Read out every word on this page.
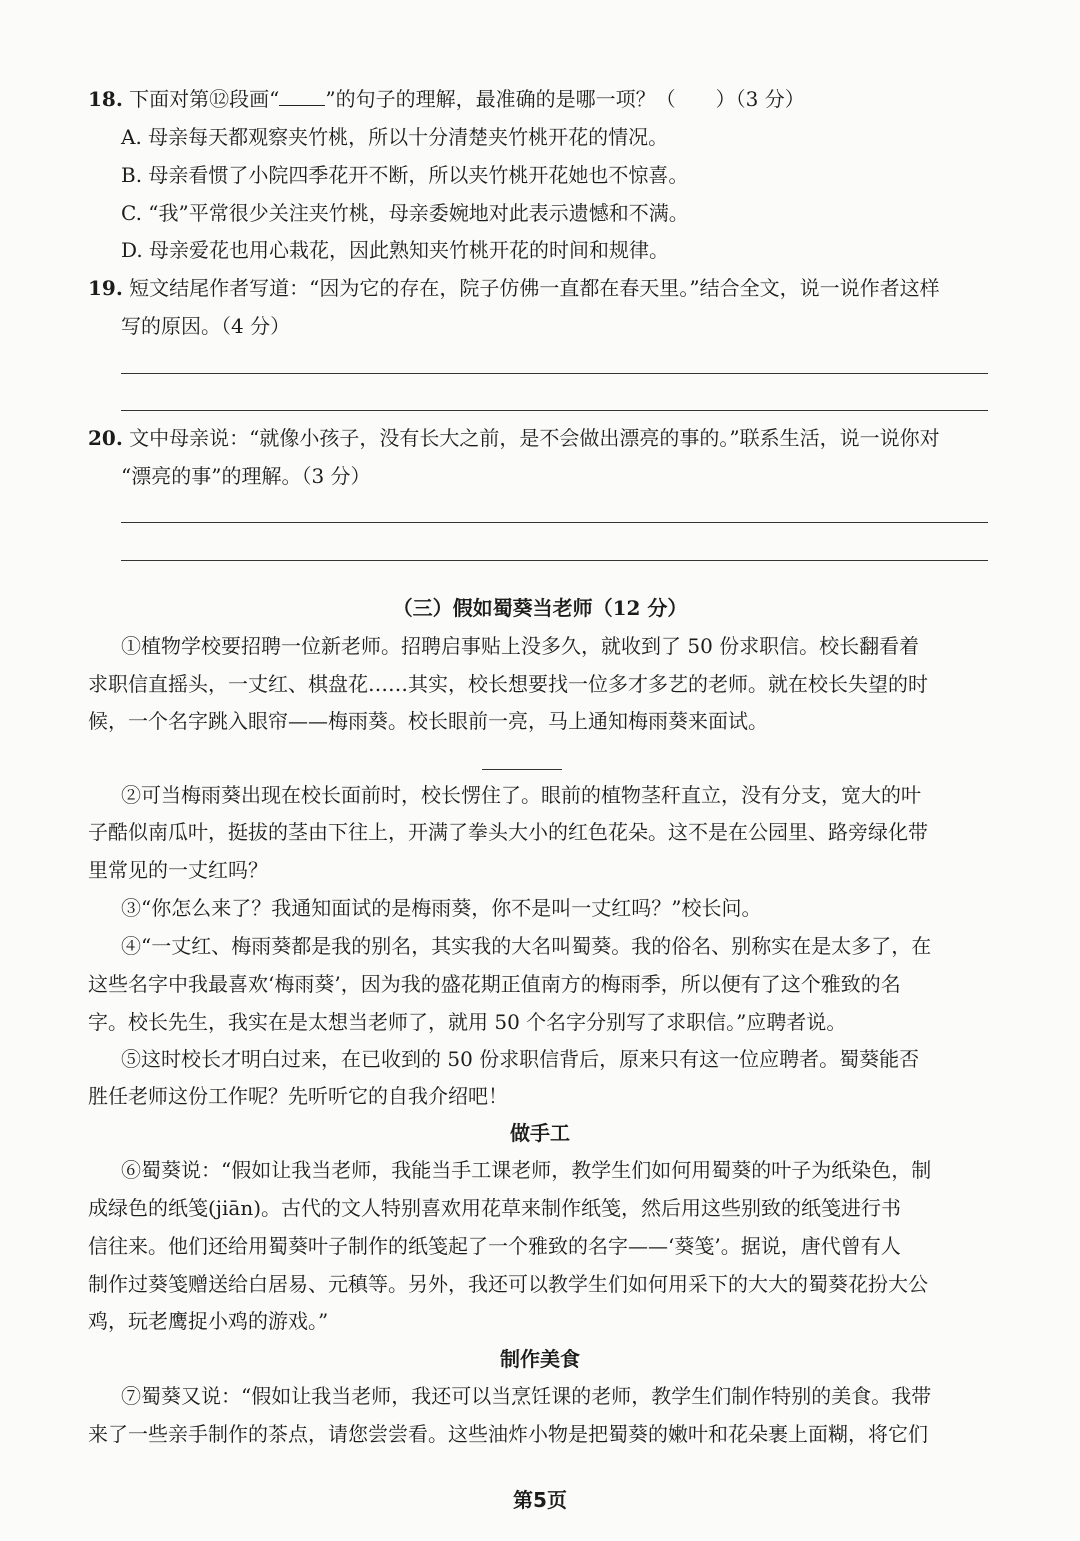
18. 下面对第⑫段画“ ”的句子的理解，最准确的是哪一项？（ ）（3 分）
A. 母亲每天都观察夹竹桃，所以十分清楚夹竹桃开花的情况。
B. 母亲看惯了小院四季花开不断，所以夹竹桃开花她也不惊喜。
C. “我”平常很少关注夹竹桃，母亲委婉地对此表示遗憾和不满。
D. 母亲爱花也用心栽花，因此熟知夹竹桃开花的时间和规律。
19. 短文结尾作者写道：“因为它的存在，院子仿佛一直都在春天里。”结合全文，说一说作者这样
写的原因。（4 分）
20. 文中母亲说：“就像小孩子，没有长大之前，是不会做出漂亮的事的。”联系生活，说一说你对
“漂亮的事”的理解。（3 分）
（三）假如蜀葵当老师（12 分）
①植物学校要招聘一位新老师。招聘启事贴上没多久，就收到了 50 份求职信。校长翻看着
求职信直摇头，一丈红、棋盘花……其实，校长想要找一位多才多艺的老师。就在校长失望的时
候，一个名字跳入眼帘——梅雨葵。校长眼前一亮，马上通知梅雨葵来面试。
②可当梅雨葵出现在校长面前时，校长愣住了。眼前的植物茎秆直立，没有分支，宽大的叶
子酷似南瓜叶，挺拔的茎由下往上，开满了拳头大小的红色花朵。这不是在公园里、路旁绿化带
里常见的一丈红吗？
③“你怎么来了？我通知面试的是梅雨葵，你不是叫一丈红吗？”校长问。
④“一丈红、梅雨葵都是我的别名，其实我的大名叫蜀葵。我的俗名、别称实在是太多了，在
这些名字中我最喜欢‘梅雨葵’，因为我的盛花期正值南方的梅雨季，所以便有了这个雅致的名
字。校长先生，我实在是太想当老师了，就用 50 个名字分别写了求职信。”应聘者说。
⑤这时校长才明白过来，在已收到的 50 份求职信背后，原来只有这一位应聘者。蜀葵能否
胜任老师这份工作呢？先听听它的自我介绍吧！
做手工
⑥蜀葵说：“假如让我当老师，我能当手工课老师，教学生们如何用蜀葵的叶子为纸染色，制
成绿色的纸笺(jiān)。古代的文人特别喜欢用花草来制作纸笺，然后用这些别致的纸笺进行书
信往来。他们还给用蜀葵叶子制作的纸笺起了一个雅致的名字——‘葵笺’。据说，唐代曾有人
制作过葵笺赠送给白居易、元稹等。另外，我还可以教学生们如何用采下的大大的蜀葵花扮大公
鸡，玩老鹰捉小鸡的游戏。”
制作美食
⑦蜀葵又说：“假如让我当老师，我还可以当烹饪课的老师，教学生们制作特别的美食。我带
来了一些亲手制作的茶点，请您尝尝看。这些油炸小物是把蜀葵的嫩叶和花朵裹上面糊，将它们
第5页
